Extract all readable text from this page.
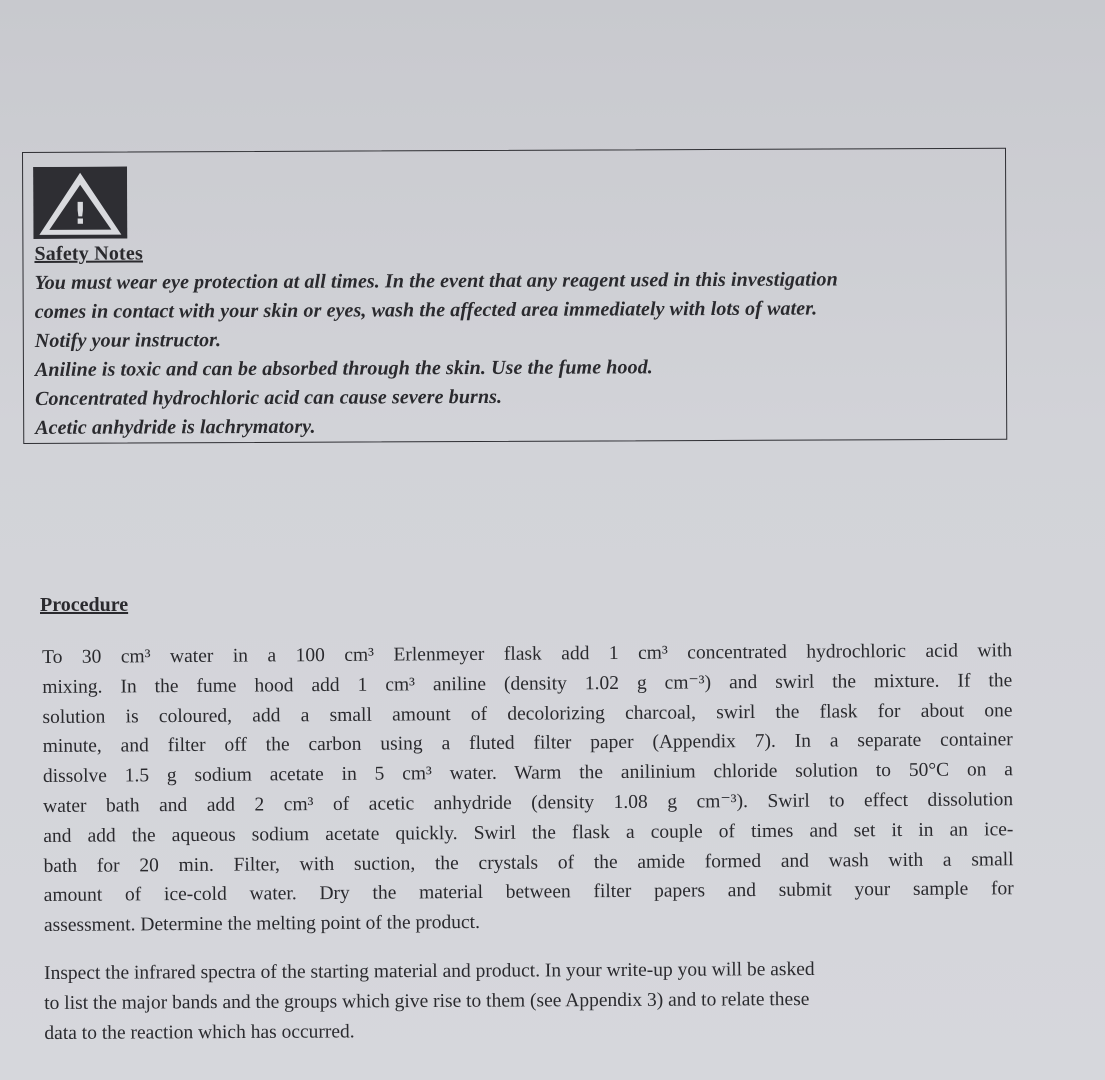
!
Safety Notes
You must wear eye protection at all times. In the event that any reagent used in this investigation
comes in contact with your skin or eyes, wash the affected area immediately with lots of water.
Notify your instructor.
Aniline is toxic and can be absorbed through the skin. Use the fume hood.
Concentrated hydrochloric acid can cause severe burns.
Acetic anhydride is lachrymatory.
Procedure
To 30 cm³ water in a 100 cm³ Erlenmeyer flask add 1 cm³ concentrated hydrochloric acid with
mixing. In the fume hood add 1 cm³ aniline (density 1.02 g cm⁻³) and swirl the mixture. If the
solution is coloured, add a small amount of decolorizing charcoal, swirl the flask for about one
minute, and filter off the carbon using a fluted filter paper (Appendix 7). In a separate container
dissolve 1.5 g sodium acetate in 5 cm³ water. Warm the anilinium chloride solution to 50°C on a
water bath and add 2 cm³ of acetic anhydride (density 1.08 g cm⁻³). Swirl to effect dissolution
and add the aqueous sodium acetate quickly. Swirl the flask a couple of times and set it in an ice-
bath for 20 min. Filter, with suction, the crystals of the amide formed and wash with a small
amount of ice-cold water. Dry the material between filter papers and submit your sample for
assessment. Determine the melting point of the product.
Inspect the infrared spectra of the starting material and product. In your write-up you will be asked
to list the major bands and the groups which give rise to them (see Appendix 3) and to relate these
data to the reaction which has occurred.
